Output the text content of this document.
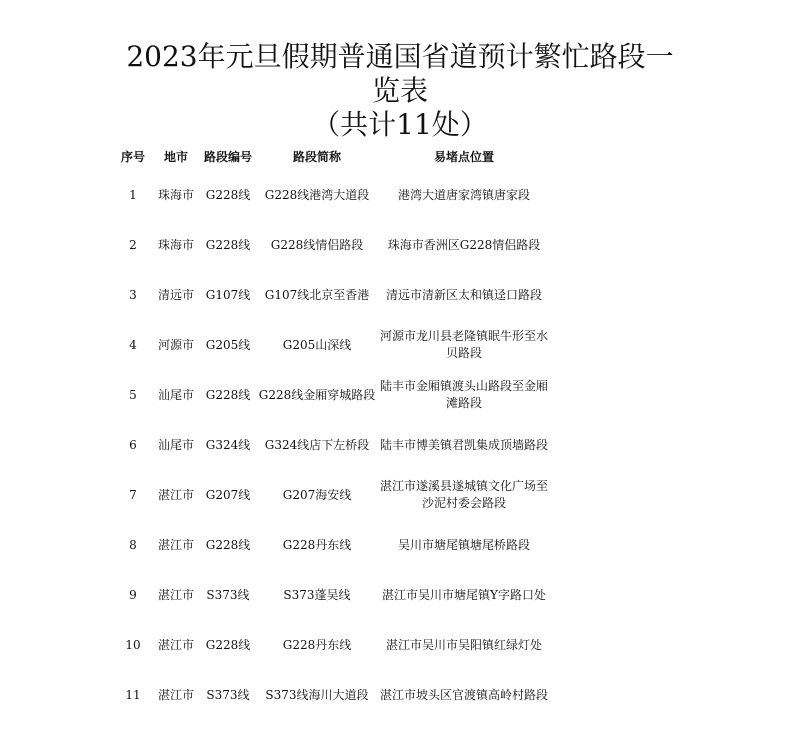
2023年元旦假期普通国省道预计繁忙路段一
览表
（共计11处）
序号	地市	路段编号	路段简称	易堵点位置
1	珠海市	G228线	G228线港湾大道段	港湾大道唐家湾镇唐家段
2	珠海市	G228线	G228线情侣路段	珠海市香洲区G228情侣路段
3	清远市	G107线	G107线北京至香港	清远市清新区太和镇迳口路段
4	河源市	G205线	G205山深线	河源市龙川县老隆镇眠牛形至水贝路段
5	汕尾市	G228线	G228线金厢穿城路段	陆丰市金厢镇渡头山路段至金厢滩路段
6	汕尾市	G324线	G324线店下左桥段	陆丰市博美镇君凯集成顶墙路段
7	湛江市	G207线	G207海安线	湛江市遂溪县遂城镇文化广场至沙泥村委会路段
8	湛江市	G228线	G228丹东线	吴川市塘尾镇塘尾桥路段
9	湛江市	S373线	S373蓬吴线	湛江市吴川市塘尾镇Y字路口处
10	湛江市	G228线	G228丹东线	湛江市吴川市吴阳镇红绿灯处
11	湛江市	S373线	S373线海川大道段	湛江市坡头区官渡镇高岭村路段
